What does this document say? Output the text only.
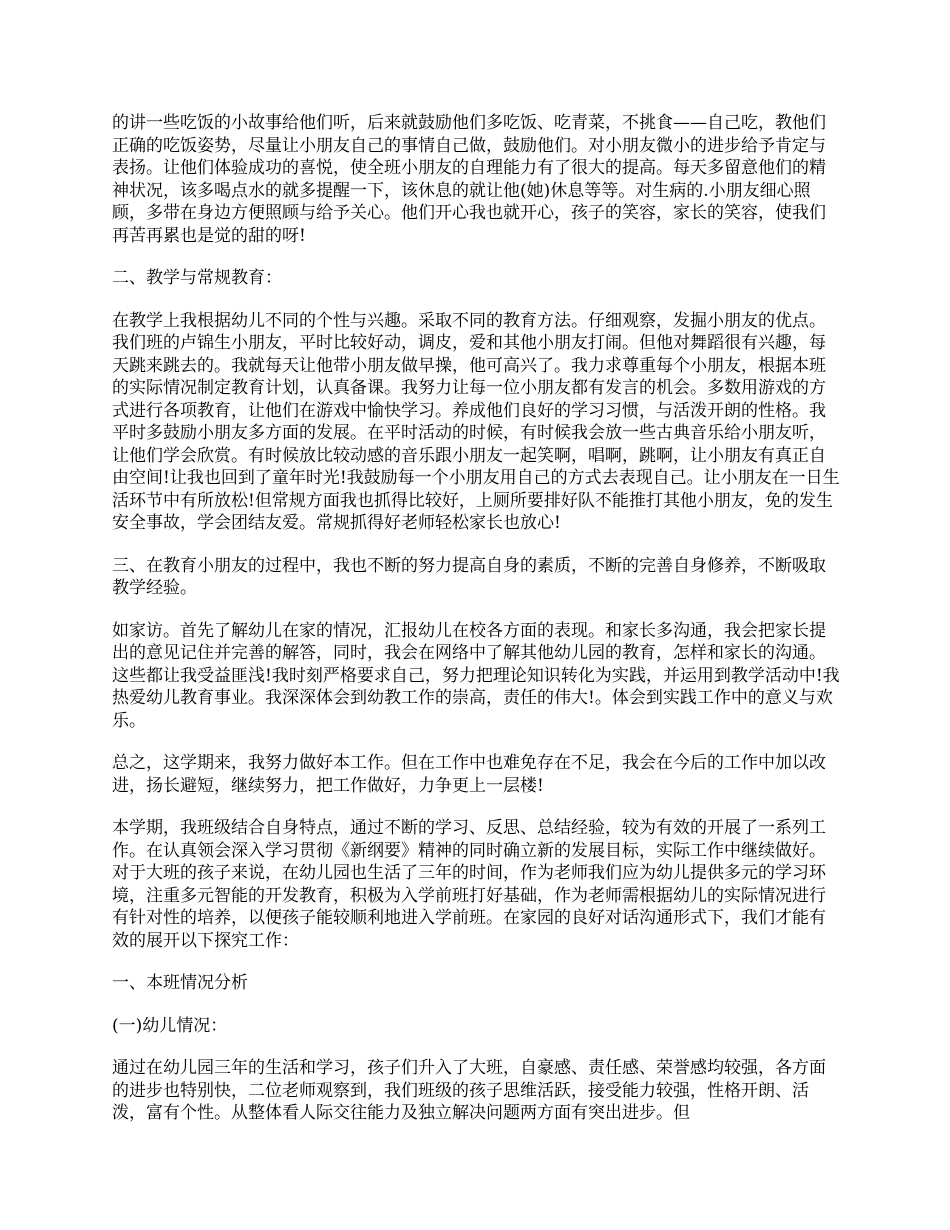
的讲一些吃饭的小故事给他们听，后来就鼓励他们多吃饭、吃青菜，不挑食——自己吃，教他们正确的吃饭姿势，尽量让小朋友自己的事情自己做，鼓励他们。对小朋友微小的进步给予肯定与表扬。让他们体验成功的喜悦，使全班小朋友的自理能力有了很大的提高。每天多留意他们的精神状况，该多喝点水的就多提醒一下，该休息的就让他(她)休息等等。对生病的.小朋友细心照顾，多带在身边方便照顾与给予关心。他们开心我也就开心，孩子的笑容，家长的笑容，使我们再苦再累也是觉的甜的呀!

二、教学与常规教育：

在教学上我根据幼儿不同的个性与兴趣。采取不同的教育方法。仔细观察，发掘小朋友的优点。我们班的卢锦生小朋友，平时比较好动，调皮，爱和其他小朋友打闹。但他对舞蹈很有兴趣，每天跳来跳去的。我就每天让他带小朋友做早操，他可高兴了。我力求尊重每个小朋友，根据本班的实际情况制定教育计划，认真备课。我努力让每一位小朋友都有发言的机会。多数用游戏的方式进行各项教育，让他们在游戏中愉快学习。养成他们良好的学习习惯，与活泼开朗的性格。我平时多鼓励小朋友多方面的发展。在平时活动的时候，有时候我会放一些古典音乐给小朋友听，让他们学会欣赏。有时候放比较动感的音乐跟小朋友一起笑啊，唱啊，跳啊，让小朋友有真正自由空间!让我也回到了童年时光!我鼓励每一个小朋友用自己的方式去表现自己。让小朋友在一日生活环节中有所放松!但常规方面我也抓得比较好，上厕所要排好队不能推打其他小朋友，免的发生安全事故，学会团结友爱。常规抓得好老师轻松家长也放心!

三、在教育小朋友的过程中，我也不断的努力提高自身的素质，不断的完善自身修养，不断吸取教学经验。

如家访。首先了解幼儿在家的情况，汇报幼儿在校各方面的表现。和家长多沟通，我会把家长提出的意见记住并完善的解答，同时，我会在网络中了解其他幼儿园的教育，怎样和家长的沟通。这些都让我受益匪浅!我时刻严格要求自己，努力把理论知识转化为实践，并运用到教学活动中!我热爱幼儿教育事业。我深深体会到幼教工作的崇高，责任的伟大!。体会到实践工作中的意义与欢乐。

总之，这学期来，我努力做好本工作。但在工作中也难免存在不足，我会在今后的工作中加以改进，扬长避短，继续努力，把工作做好，力争更上一层楼!

本学期，我班级结合自身特点，通过不断的学习、反思、总结经验，较为有效的开展了一系列工作。在认真领会深入学习贯彻《新纲要》精神的同时确立新的发展目标，实际工作中继续做好。对于大班的孩子来说，在幼儿园也生活了三年的时间，作为老师我们应为幼儿提供多元的学习环境，注重多元智能的开发教育，积极为入学前班打好基础，作为老师需根据幼儿的实际情况进行有针对性的培养，以便孩子能较顺利地进入学前班。在家园的良好对话沟通形式下，我们才能有效的展开以下探究工作：

一、本班情况分析

(一)幼儿情况：

通过在幼儿园三年的生活和学习，孩子们升入了大班，自豪感、责任感、荣誉感均较强，各方面的进步也特别快，二位老师观察到，我们班级的孩子思维活跃，接受能力较强，性格开朗、活泼，富有个性。从整体看人际交往能力及独立解决问题两方面有突出进步。但
